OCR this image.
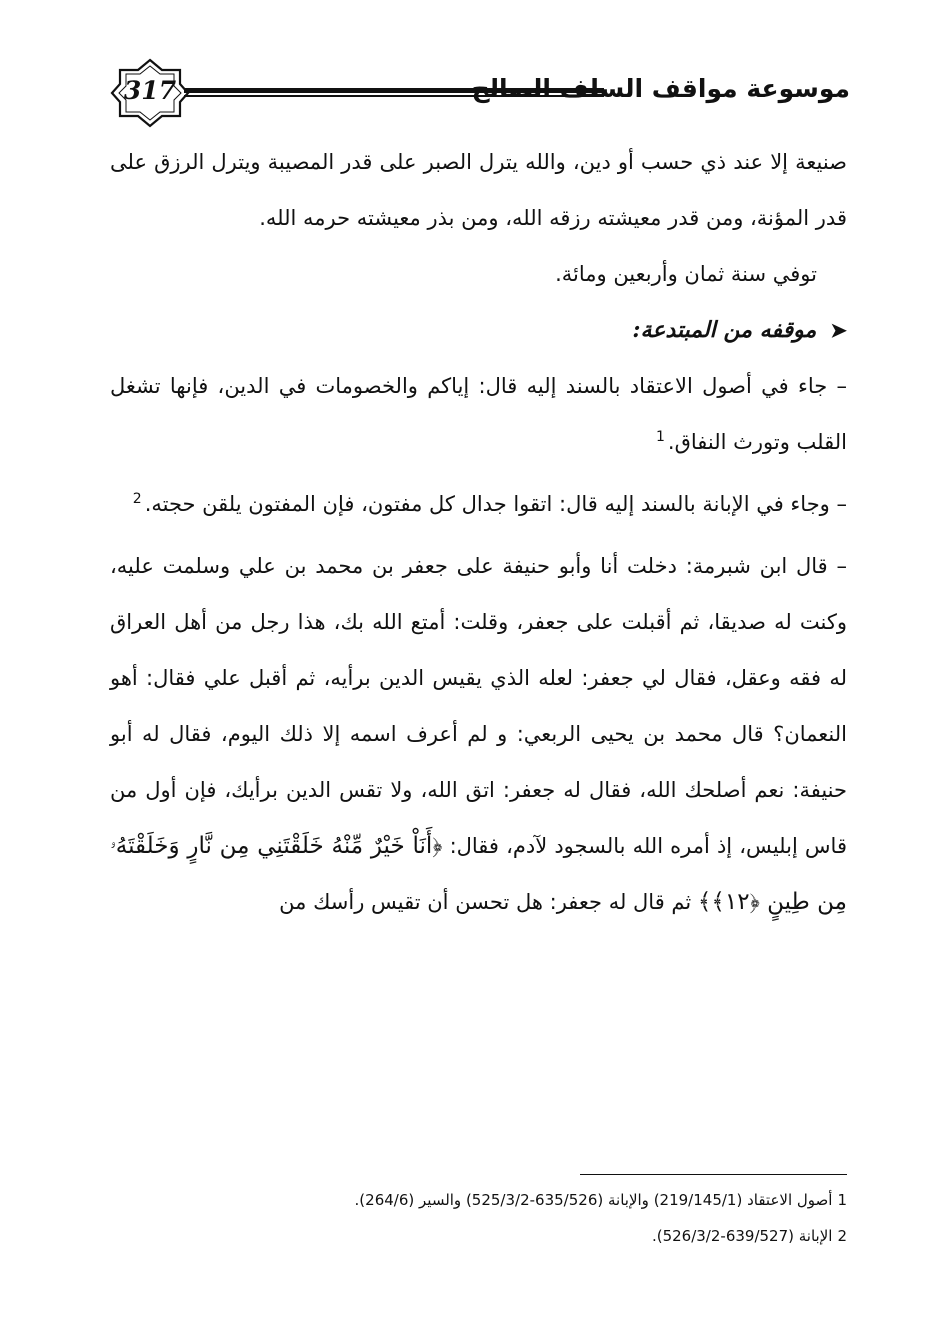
317	موسوعة مواقف السلف الصالح

صنيعة إلا عند ذي حسب أو دين، والله يترل الصبر على قدر المصيبة ويترل الرزق على قدر المؤنة، ومن قدر معيشته رزقه الله، ومن بذر معيشته حرمه الله.

توفي سنة ثمان وأربعين ومائة.

➤موقفه من المبتدعة:

– جاء في أصول الاعتقاد بالسند إليه قال: إياكم والخصومات في الدين، فإنها تشغل القلب وتورث النفاق.$^1$

– وجاء في الإبانة بالسند إليه قال: اتقوا جدال كل مفتون، فإن المفتون يلقن حجته.$^2$

– قال ابن شبرمة: دخلت أنا وأبو حنيفة على جعفر بن محمد بن علي وسلمت عليه، وكنت له صديقا، ثم أقبلت على جعفر، وقلت: أمتع الله بك، هذا رجل من أهل العراق له فقه وعقل، فقال لي جعفر: لعله الذي يقيس الدين برأيه، ثم أقبل علي فقال: أهو النعمان؟ قال محمد بن يحيى الربعي: و لم أعرف اسمه إلا ذلك اليوم، فقال له أبو حنيفة: نعم أصلحك الله، فقال له جعفر: اتق الله، ولا تقس الدين برأيك، فإن أول من قاس إبليس، إذ أمره الله بالسجود لآدم، فقال: ﴿أَنَاْ خَيْرٌ مِّنْهُ خَلَقْتَنِي مِن نَّارٍ وَخَلَقْتَهُۥ مِن طِينٍ ﴿١٢﴾﴾ ثم قال له جعفر: هل تحسن أن تقيس رأسك من

1أصول الاعتقاد (219/145/1) والإبانة (635/526-525/3/2) والسير (264/6).

2الإبانة (639/527-526/3/2).
